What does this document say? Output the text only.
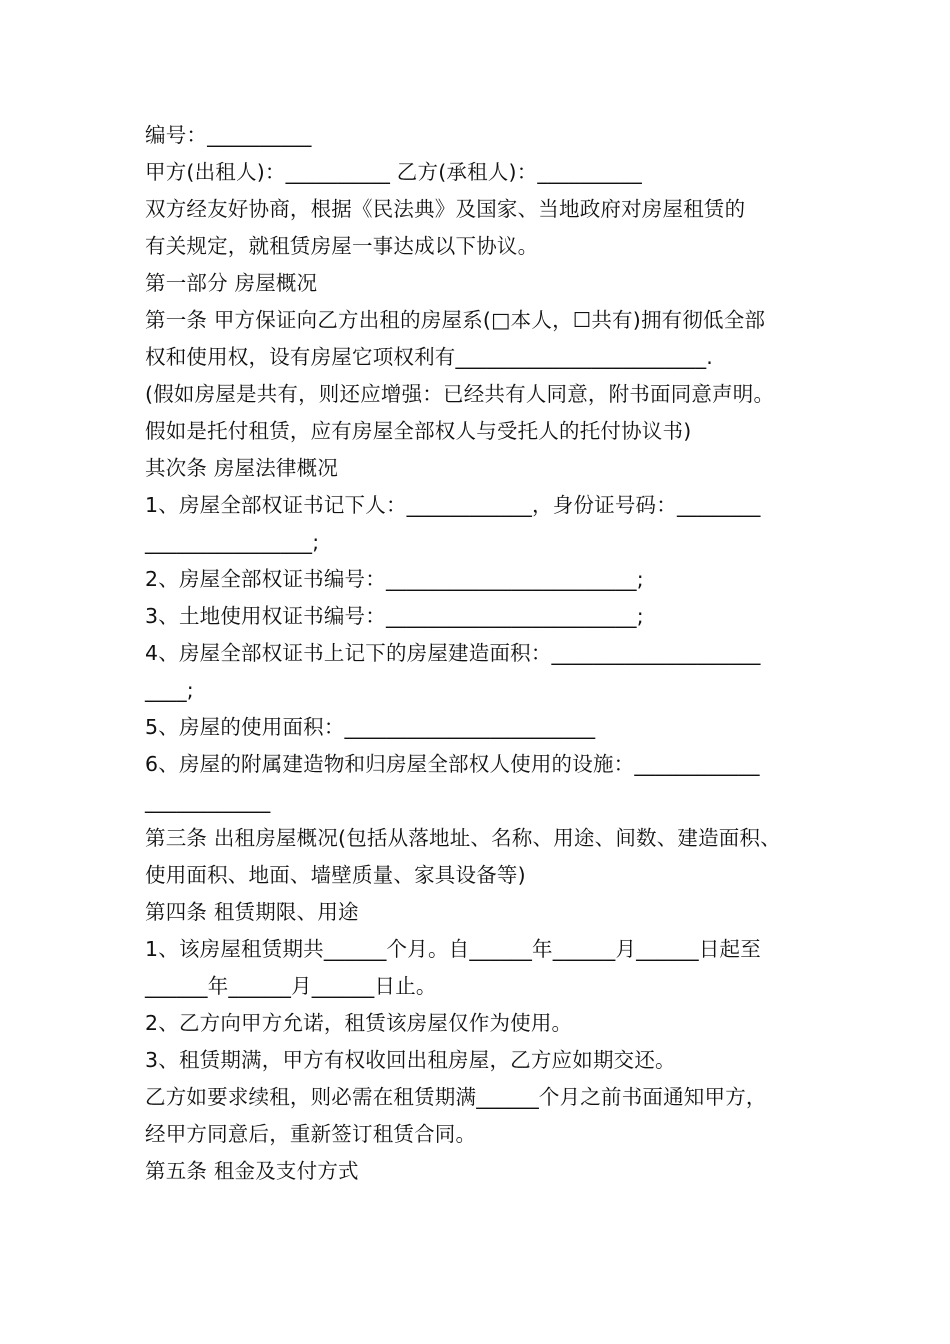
编号：__________
甲方(出租人)：__________ 乙方(承租人)：__________
双方经友好协商，根据《民法典》及国家、当地政府对房屋租赁的
有关规定，就租赁房屋一事达成以下协议。
第一部分 房屋概况
第一条 甲方保证向乙方出租的房屋系(□本人，☐共有)拥有彻低全部
权和使用权，设有房屋它项权利有________________________.
(假如房屋是共有，则还应增强：已经共有人同意，附书面同意声明。
假如是托付租赁，应有房屋全部权人与受托人的托付协议书)
其次条 房屋法律概况
1、房屋全部权证书记下人：____________，身份证号码：________
________________;
2、房屋全部权证书编号：________________________;
3、土地使用权证书编号：________________________;
4、房屋全部权证书上记下的房屋建造面积：____________________
____;
5、房屋的使用面积：________________________
6、房屋的附属建造物和归房屋全部权人使用的设施：____________
____________
第三条 出租房屋概况(包括从落地址、名称、用途、间数、建造面积、
使用面积、地面、墙壁质量、家具设备等)
第四条 租赁期限、用途
1、该房屋租赁期共______个月。自______年______月______日起至
______年______月______日止。
2、乙方向甲方允诺，租赁该房屋仅作为使用。
3、租赁期满，甲方有权收回出租房屋，乙方应如期交还。
乙方如要求续租，则必需在租赁期满______个月之前书面通知甲方，
经甲方同意后，重新签订租赁合同。
第五条 租金及支付方式
